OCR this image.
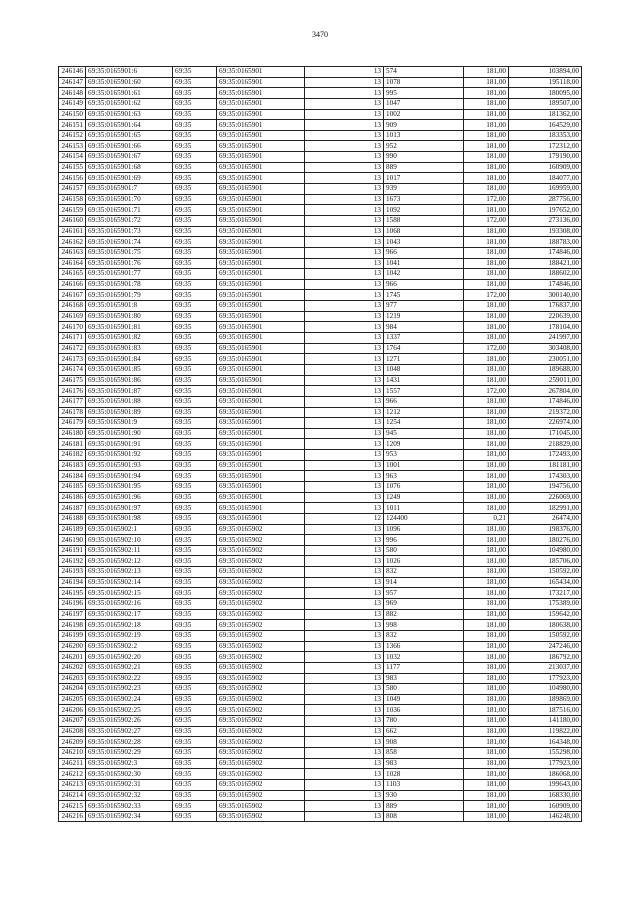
3470
246146	69:35:0165901:6	69:35	69:35:0165901	13	574	181,00	103894,00
246147	69:35:0165901:60	69:35	69:35:0165901	13	1078	181,00	195118,00
246148	69:35:0165901:61	69:35	69:35:0165901	13	995	181,00	180095,00
246149	69:35:0165901:62	69:35	69:35:0165901	13	1047	181,00	189507,00
246150	69:35:0165901:63	69:35	69:35:0165901	13	1002	181,00	181362,00
246151	69:35:0165901:64	69:35	69:35:0165901	13	909	181,00	164529,00
246152	69:35:0165901:65	69:35	69:35:0165901	13	1013	181,00	183353,00
246153	69:35:0165901:66	69:35	69:35:0165901	13	952	181,00	172312,00
246154	69:35:0165901:67	69:35	69:35:0165901	13	990	181,00	179190,00
246155	69:35:0165901:68	69:35	69:35:0165901	13	889	181,00	160909,00
246156	69:35:0165901:69	69:35	69:35:0165901	13	1017	181,00	184077,00
246157	69:35:0165901:7	69:35	69:35:0165901	13	939	181,00	169959,00
246158	69:35:0165901:70	69:35	69:35:0165901	13	1673	172,00	287756,00
246159	69:35:0165901:71	69:35	69:35:0165901	13	1092	181,00	197652,00
246160	69:35:0165901:72	69:35	69:35:0165901	13	1588	172,00	273136,00
246161	69:35:0165901:73	69:35	69:35:0165901	13	1068	181,00	193308,00
246162	69:35:0165901:74	69:35	69:35:0165901	13	1043	181,00	188783,00
246163	69:35:0165901:75	69:35	69:35:0165901	13	966	181,00	174846,00
246164	69:35:0165901:76	69:35	69:35:0165901	13	1041	181,00	188421,00
246165	69:35:0165901:77	69:35	69:35:0165901	13	1042	181,00	188602,00
246166	69:35:0165901:78	69:35	69:35:0165901	13	966	181,00	174846,00
246167	69:35:0165901:79	69:35	69:35:0165901	13	1745	172,00	300140,00
246168	69:35:0165901:8	69:35	69:35:0165901	13	977	181,00	176837,00
246169	69:35:0165901:80	69:35	69:35:0165901	13	1219	181,00	220639,00
246170	69:35:0165901:81	69:35	69:35:0165901	13	984	181,00	178104,00
246171	69:35:0165901:82	69:35	69:35:0165901	13	1337	181,00	241997,00
246172	69:35:0165901:83	69:35	69:35:0165901	13	1764	172,00	303408,00
246173	69:35:0165901:84	69:35	69:35:0165901	13	1271	181,00	230051,00
246174	69:35:0165901:85	69:35	69:35:0165901	13	1048	181,00	189688,00
246175	69:35:0165901:86	69:35	69:35:0165901	13	1431	181,00	259011,00
246176	69:35:0165901:87	69:35	69:35:0165901	13	1557	172,00	267804,00
246177	69:35:0165901:88	69:35	69:35:0165901	13	966	181,00	174846,00
246178	69:35:0165901:89	69:35	69:35:0165901	13	1212	181,00	219372,00
246179	69:35:0165901:9	69:35	69:35:0165901	13	1254	181,00	226974,00
246180	69:35:0165901:90	69:35	69:35:0165901	13	945	181,00	171045,00
246181	69:35:0165901:91	69:35	69:35:0165901	13	1209	181,00	218829,00
246182	69:35:0165901:92	69:35	69:35:0165901	13	953	181,00	172493,00
246183	69:35:0165901:93	69:35	69:35:0165901	13	1001	181,00	181181,00
246184	69:35:0165901:94	69:35	69:35:0165901	13	963	181,00	174303,00
246185	69:35:0165901:95	69:35	69:35:0165901	13	1076	181,00	194756,00
246186	69:35:0165901:96	69:35	69:35:0165901	13	1249	181,00	226069,00
246187	69:35:0165901:97	69:35	69:35:0165901	13	1011	181,00	182991,00
246188	69:35:0165901:98	69:35	69:35:0165901	12	124400	0,21	26474,00
246189	69:35:0165902:1	69:35	69:35:0165902	13	1096	181,00	198376,00
246190	69:35:0165902:10	69:35	69:35:0165902	13	996	181,00	180276,00
246191	69:35:0165902:11	69:35	69:35:0165902	13	580	181,00	104980,00
246192	69:35:0165902:12	69:35	69:35:0165902	13	1026	181,00	185706,00
246193	69:35:0165902:13	69:35	69:35:0165902	13	832	181,00	150592,00
246194	69:35:0165902:14	69:35	69:35:0165902	13	914	181,00	165434,00
246195	69:35:0165902:15	69:35	69:35:0165902	13	957	181,00	173217,00
246196	69:35:0165902:16	69:35	69:35:0165902	13	969	181,00	175389,00
246197	69:35:0165902:17	69:35	69:35:0165902	13	882	181,00	159642,00
246198	69:35:0165902:18	69:35	69:35:0165902	13	998	181,00	180638,00
246199	69:35:0165902:19	69:35	69:35:0165902	13	832	181,00	150592,00
246200	69:35:0165902:2	69:35	69:35:0165902	13	1366	181,00	247246,00
246201	69:35:0165902:20	69:35	69:35:0165902	13	1032	181,00	186792,00
246202	69:35:0165902:21	69:35	69:35:0165902	13	1177	181,00	213037,00
246203	69:35:0165902:22	69:35	69:35:0165902	13	983	181,00	177923,00
246204	69:35:0165902:23	69:35	69:35:0165902	13	580	181,00	104980,00
246205	69:35:0165902:24	69:35	69:35:0165902	13	1049	181,00	189869,00
246206	69:35:0165902:25	69:35	69:35:0165902	13	1036	181,00	187516,00
246207	69:35:0165902:26	69:35	69:35:0165902	13	780	181,00	141180,00
246208	69:35:0165902:27	69:35	69:35:0165902	13	662	181,00	119822,00
246209	69:35:0165902:28	69:35	69:35:0165902	13	908	181,00	164348,00
246210	69:35:0165902:29	69:35	69:35:0165902	13	858	181,00	155298,00
246211	69:35:0165902:3	69:35	69:35:0165902	13	983	181,00	177923,00
246212	69:35:0165902:30	69:35	69:35:0165902	13	1028	181,00	186068,00
246213	69:35:0165902:31	69:35	69:35:0165902	13	1103	181,00	199643,00
246214	69:35:0165902:32	69:35	69:35:0165902	13	930	181,00	168330,00
246215	69:35:0165902:33	69:35	69:35:0165902	13	889	181,00	160909,00
246216	69:35:0165902:34	69:35	69:35:0165902	13	808	181,00	146248,00
